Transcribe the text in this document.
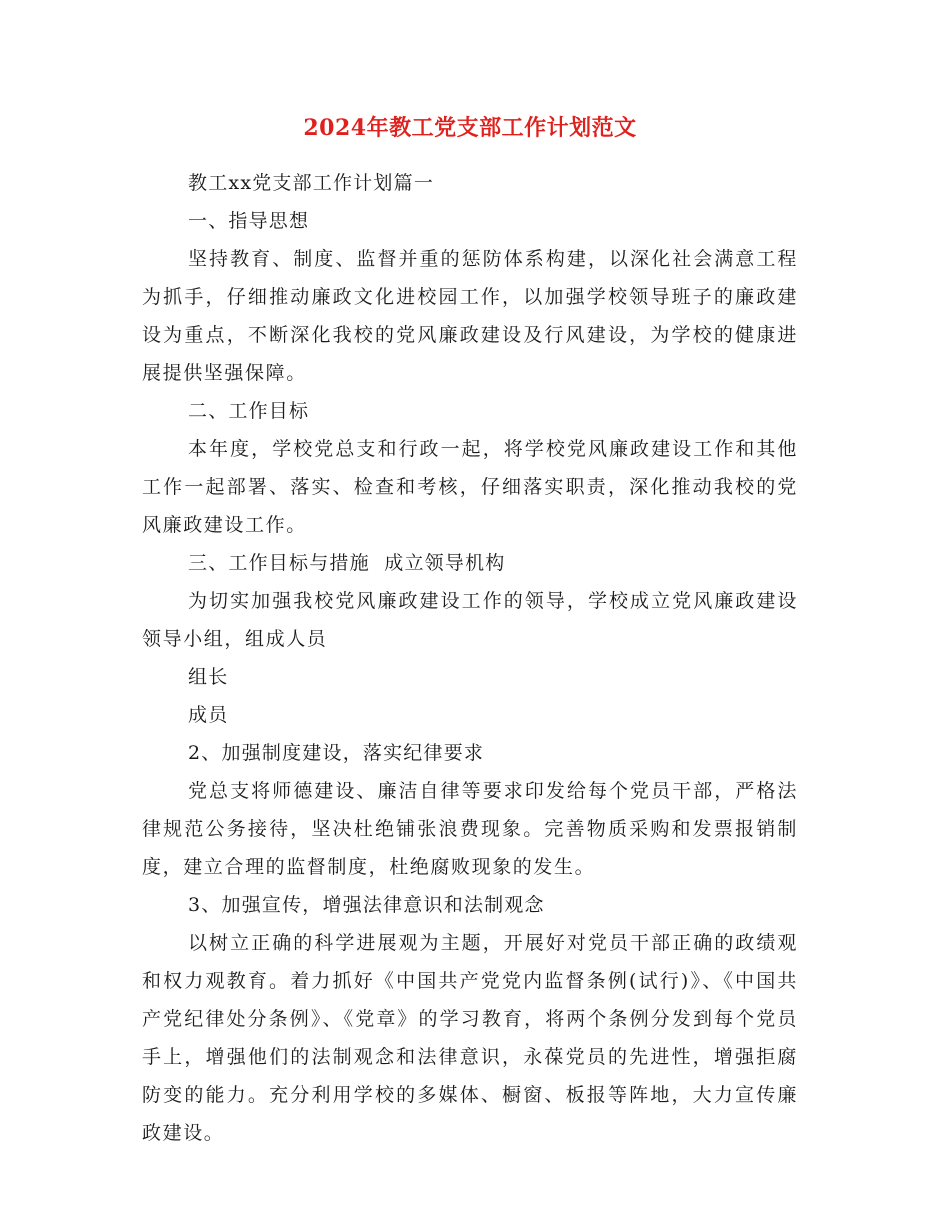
2024年教工党支部工作计划范文

教工xx党支部工作计划篇一

一、指导思想

坚持教育、制度、监督并重的惩防体系构建，以深化社会满意工程为抓手，仔细推动廉政文化进校园工作，以加强学校领导班子的廉政建设为重点，不断深化我校的党风廉政建设及行风建设，为学校的健康进展提供坚强保障。

二、工作目标

本年度，学校党总支和行政一起，将学校党风廉政建设工作和其他工作一起部署、落实、检查和考核，仔细落实职责，深化推动我校的党风廉政建设工作。

三、工作目标与措施  成立领导机构

为切实加强我校党风廉政建设工作的领导，学校成立党风廉政建设领导小组，组成人员

组长

成员

2、加强制度建设，落实纪律要求

党总支将师德建设、廉洁自律等要求印发给每个党员干部，严格法律规范公务接待，坚决杜绝铺张浪费现象。完善物质采购和发票报销制度，建立合理的监督制度，杜绝腐败现象的发生。

3、加强宣传，增强法律意识和法制观念

以树立正确的科学进展观为主题，开展好对党员干部正确的政绩观和权力观教育。着力抓好《中国共产党党内监督条例(试行)》、《中国共产党纪律处分条例》、《党章》的学习教育，将两个条例分发到每个党员手上，增强他们的法制观念和法律意识，永葆党员的先进性，增强拒腐防变的能力。充分利用学校的多媒体、橱窗、板报等阵地，大力宣传廉政建设。
